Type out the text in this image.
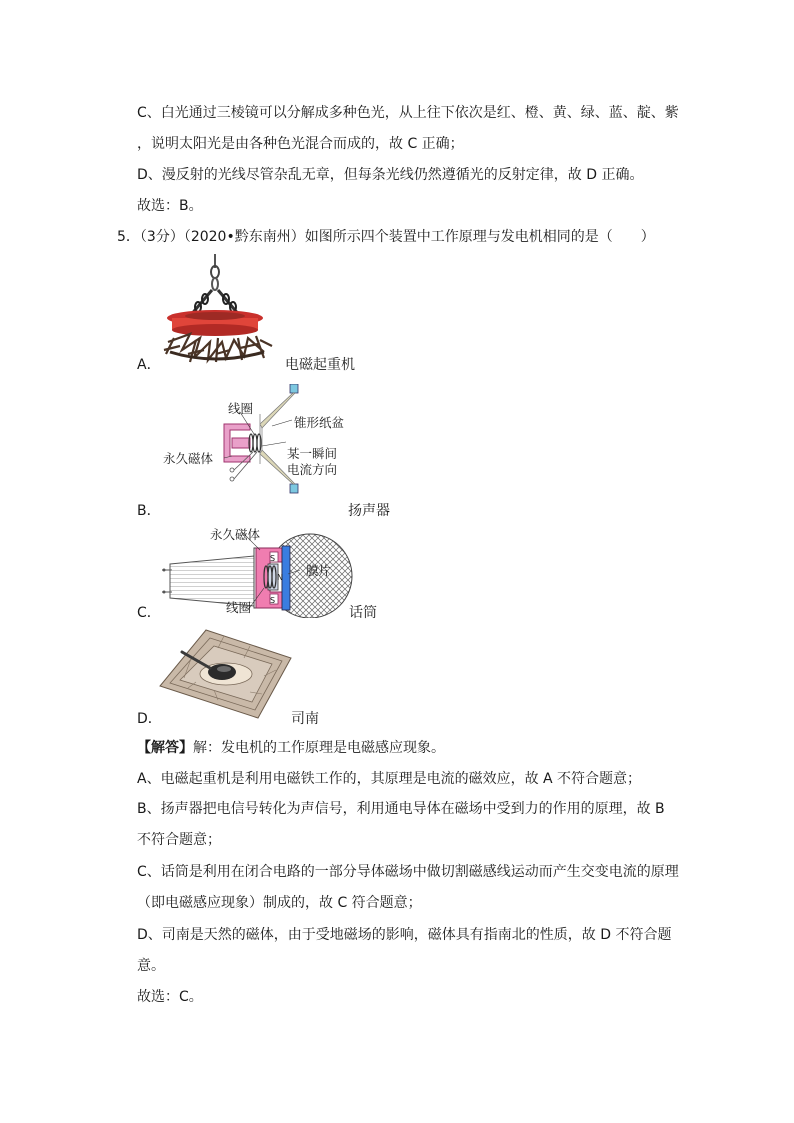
C、白光通过三棱镜可以分解成多种色光，从上往下依次是红、橙、黄、绿、蓝、靛、紫
，说明太阳光是由各种色光混合而成的，故 C 正确；
D、漫反射的光线尽管杂乱无章，但每条光线仍然遵循光的反射定律，故 D 正确。
故选：B。
5．（3分）（2020•黔东南州）如图所示四个装置中工作原理与发电机相同的是（　　）
A．	电磁起重机
线圈
锥形纸盆
永久磁体	某一瞬间
电流方向
B．	扬声器
S
N
S
永久磁体
膜片
线圈
C．	话筒
D．	司南
【解答】解：发电机的工作原理是电磁感应现象。
A、电磁起重机是利用电磁铁工作的，其原理是电流的磁效应，故 A 不符合题意；
B、扬声器把电信号转化为声信号，利用通电导体在磁场中受到力的作用的原理，故 B
不符合题意；
C、话筒是利用在闭合电路的一部分导体磁场中做切割磁感线运动而产生交变电流的原理
（即电磁感应现象）制成的，故 C 符合题意；
D、司南是天然的磁体，由于受地磁场的影响，磁体具有指南北的性质，故 D 不符合题
意。
故选：C。
